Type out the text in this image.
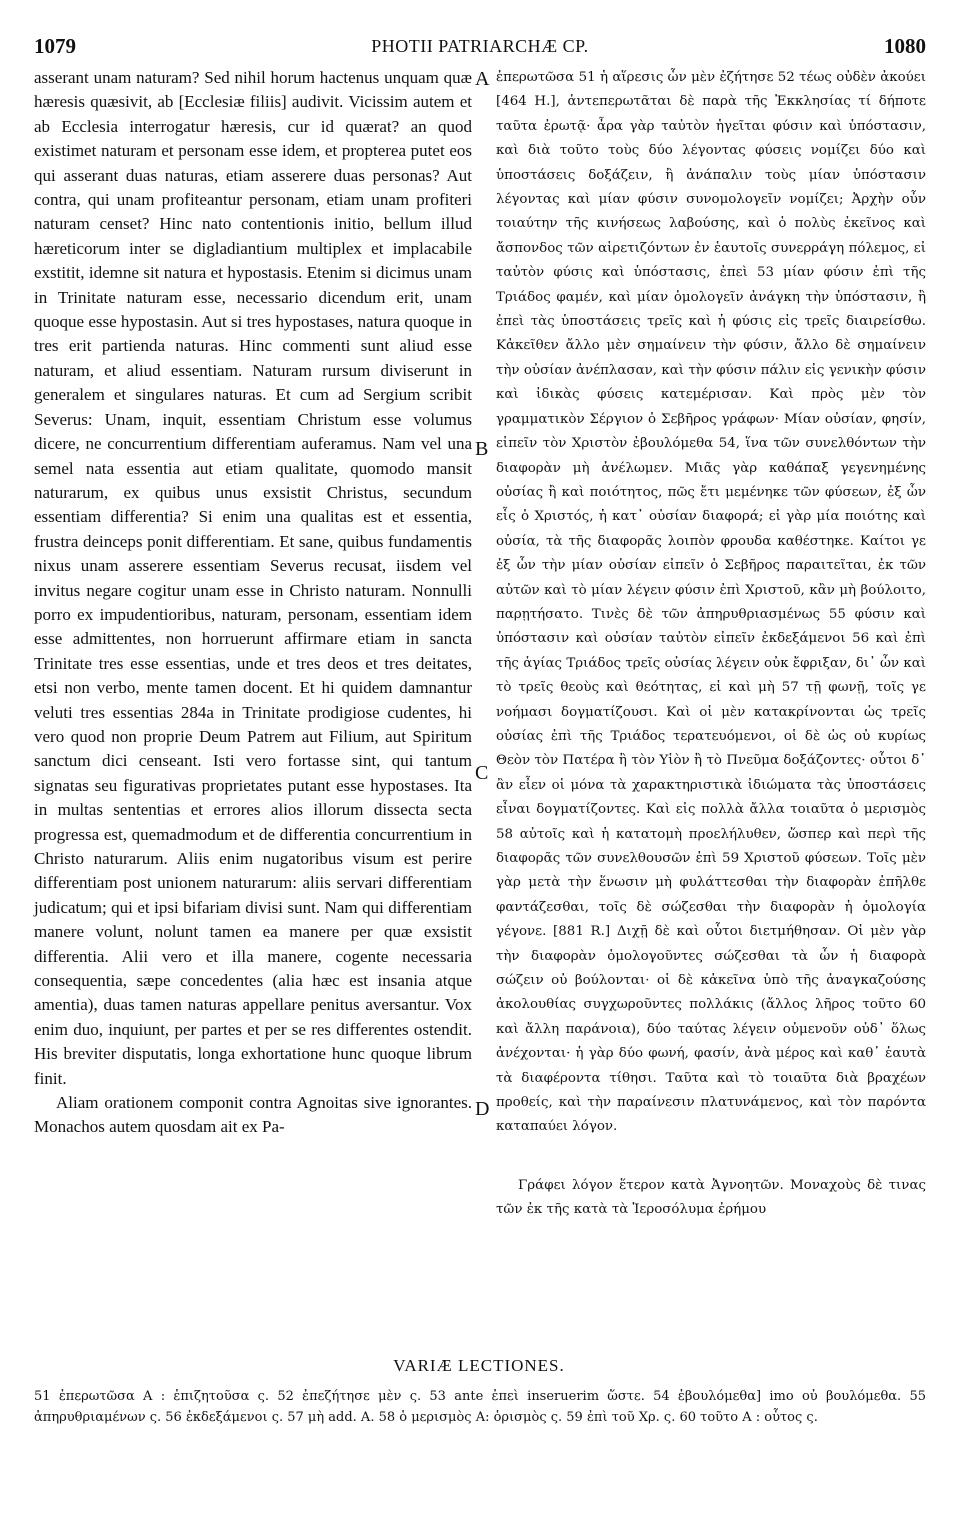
1079	PHOTII PATRIARCHÆ CP.	1080

asserant unam naturam? Sed nihil horum hactenus unquam quæ hæresis quæsivit, ab [Ecclesiæ filiis] audivit. Vicissim autem et ab Ecclesia interrogatur hæresis, cur id quærat? an quod existimet naturam et personam esse idem, et propterea putet eos qui asserant duas naturas, etiam asserere duas personas? Aut contra, qui unam profiteantur personam, etiam unam profiteri naturam censet? Hinc nato contentionis initio, bellum illud hæreticorum inter se digladiantium multiplex et implacabile exstitit, idemne sit natura et hypostasis. Etenim si dicimus unam in Trinitate naturam esse, necessario dicendum erit, unam quoque esse hypostasin. Aut si tres hypostases, natura quoque in tres erit partienda naturas. Hinc commenti sunt aliud esse naturam, et aliud essentiam. Naturam rursum diviserunt in generalem et singulares naturas. Et cum ad Sergium scribit Severus: Unam, inquit, essentiam Christum esse volumus dicere, ne concurrentium differentiam auferamus. Nam vel una semel nata essentia aut etiam qualitate, quomodo mansit naturarum, ex quibus unus exsistit Christus, secundum essentiam differentia? Si enim una qualitas est et essentia, frustra deinceps ponit differentiam. Et sane, quibus fundamentis nixus unam asserere essentiam Severus recusat, iisdem vel invitus negare cogitur unam esse in Christo naturam. Nonnulli porro ex impudentioribus, naturam, personam, essentiam idem esse admittentes, non horruerunt affirmare etiam in sancta Trinitate tres esse essentias, unde et tres deos et tres deitates, etsi non verbo, mente tamen docent. Et hi quidem damnantur veluti tres essentias 284a in Trinitate prodigiose cudentes, hi vero quod non proprie Deum Patrem aut Filium, aut Spiritum sanctum dici censeant. Isti vero fortasse sint, qui tantum signatas seu figurativas proprietates putant esse hypostases. Ita in multas sententias et errores alios illorum dissecta secta progressa est, quemadmodum et de differentia concurrentium in Christo naturarum. Aliis enim nugatoribus visum est perire differentiam post unionem naturarum: aliis servari differentiam judicatum; qui et ipsi bifariam divisi sunt. Nam qui differentiam manere volunt, nolunt tamen ea manere per quæ exsistit differentia. Alii vero et illa manere, cogente necessaria consequentia, sæpe concedentes (alia hæc est insania atque amentia), duas tamen naturas appellare penitus aversantur. Vox enim duo, inquiunt, per partes et per se res differentes ostendit. His breviter disputatis, longa exhortatione hunc quoque librum finit.

Aliam orationem componit contra Agnoitas sive ignorantes. Monachos autem quosdam ait ex Pa-

A
B
C
D

ἐπερωτῶσα 51 ἡ αἵρεσις ὧν μὲν ἐζήτησε 52 τέως οὐδὲν ἀκούει [464 H.], ἀντεπερωτᾶται δὲ παρὰ τῆς Ἐκκλησίας τί δήποτε ταῦτα ἐρωτᾷ· ἆρα γὰρ ταὐτὸν ἡγεῖται φύσιν καὶ ὑπόστασιν, καὶ διὰ τοῦτο τοὺς δύο λέγοντας φύσεις νομίζει δύο καὶ ὑποστάσεις δοξάζειν, ἢ ἀνάπαλιν τοὺς μίαν ὑπόστασιν λέγοντας καὶ μίαν φύσιν συνομολογεῖν νομίζει; Ἀρχὴν οὖν τοιαύτην τῆς κινήσεως λαβούσης, καὶ ὁ πολὺς ἐκεῖνος καὶ ἄσπονδος τῶν αἱρετιζόντων ἐν ἑαυτοῖς συνερράγη πόλεμος, εἰ ταὐτὸν φύσις καὶ ὑπόστασις, ἐπεὶ 53 μίαν φύσιν ἐπὶ τῆς Τριάδος φαμέν, καὶ μίαν ὁμολογεῖν ἀνάγκη τὴν ὑπόστασιν, ἢ ἐπεὶ τὰς ὑποστάσεις τρεῖς καὶ ἡ φύσις εἰς τρεῖς διαιρείσθω. Κἀκεῖθεν ἄλλο μὲν σημαίνειν τὴν φύσιν, ἄλλο δὲ σημαίνειν τὴν οὐσίαν ἀνέπλασαν, καὶ τὴν φύσιν πάλιν εἰς γενικὴν φύσιν καὶ ἰδικὰς φύσεις κατεμέρισαν. Καὶ πρὸς μὲν τὸν γραμματικὸν Σέργιον ὁ Σεβῆρος γράφων· Μίαν οὐσίαν, φησίν, εἰπεῖν τὸν Χριστὸν ἐβουλόμεθα 54, ἵνα τῶν συνελθόντων τὴν διαφορὰν μὴ ἀνέλωμεν. Μιᾶς γὰρ καθάπαξ γεγενημένης οὐσίας ἢ καὶ ποιότητος, πῶς ἔτι μεμένηκε τῶν φύσεων, ἐξ ὧν εἷς ὁ Χριστός, ἡ κατ᾽ οὐσίαν διαφορά; εἰ γὰρ μία ποιότης καὶ οὐσία, τὰ τῆς διαφορᾶς λοιπὸν φρουδα καθέστηκε. Καίτοι γε ἐξ ὧν τὴν μίαν οὐσίαν εἰπεῖν ὁ Σεβῆρος παραιτεῖται, ἐκ τῶν αὐτῶν καὶ τὸ μίαν λέγειν φύσιν ἐπὶ Χριστοῦ, κἂν μὴ βούλοιτο, παρῃτήσατο. Τινὲς δὲ τῶν ἀπηρυθριασμένως 55 φύσιν καὶ ὑπόστασιν καὶ οὐσίαν ταὐτὸν εἰπεῖν ἐκδεξάμενοι 56 καὶ ἐπὶ τῆς ἁγίας Τριάδος τρεῖς οὐσίας λέγειν οὐκ ἔφριξαν, δι᾽ ὧν καὶ τὸ τρεῖς θεοὺς καὶ θεότητας, εἰ καὶ μὴ 57 τῇ φωνῇ, τοῖς γε νοήμασι δογματίζουσι. Καὶ οἱ μὲν κατακρίνονται ὡς τρεῖς οὐσίας ἐπὶ τῆς Τριάδος τερατευόμενοι, οἱ δὲ ὡς οὐ κυρίως Θεὸν τὸν Πατέρα ἢ τὸν Υἱὸν ἢ τὸ Πνεῦμα δοξάζοντες· οὗτοι δ᾽ ἂν εἶεν οἱ μόνα τὰ χαρακτηριστικὰ ἰδιώματα τὰς ὑποστάσεις εἶναι δογματίζοντες. Καὶ εἰς πολλὰ ἄλλα τοιαῦτα ὁ μερισμὸς 58 αὐτοῖς καὶ ἡ κατατομὴ προελήλυθεν, ὥσπερ καὶ περὶ τῆς διαφορᾶς τῶν συνελθουσῶν ἐπὶ 59 Χριστοῦ φύσεων. Τοῖς μὲν γὰρ μετὰ τὴν ἕνωσιν μὴ φυλάττεσθαι τὴν διαφορὰν ἐπῆλθε φαντάζεσθαι, τοῖς δὲ σώζεσθαι τὴν διαφορὰν ἡ ὁμολογία γέγονε. [881 R.] Διχῇ δὲ καὶ οὗτοι διετμήθησαν. Οἱ μὲν γὰρ τὴν διαφορὰν ὁμολογοῦντες σώζεσθαι τὰ ὧν ἡ διαφορὰ σώζειν οὐ βούλονται· οἱ δὲ κἀκεῖνα ὑπὸ τῆς ἀναγκαζούσης ἀκολουθίας συγχωροῦντες πολλάκις (ἄλλος λῆρος τοῦτο 60 καὶ ἄλλη παράνοια), δύο ταύτας λέγειν οὐμενοῦν οὐδ᾽ ὅλως ἀνέχονται· ἡ γὰρ δύο φωνή, φασίν, ἀνὰ μέρος καὶ καθ᾽ ἑαυτὰ τὰ διαφέροντα τίθησι. Ταῦτα καὶ τὸ τοιαῦτα διὰ βραχέων προθείς, καὶ τὴν παραίνεσιν πλατυνάμενος, καὶ τὸν παρόντα καταπαύει λόγον.

Γράφει λόγον ἕτερον κατὰ Ἀγνοητῶν. Μοναχοὺς δὲ τινας τῶν ἐκ τῆς κατὰ τὰ Ἱεροσόλυμα ἐρήμου

VARIÆ LECTIONES.
51 ἐπερωτῶσα A : ἐπιζητοῦσα ς. 52 ἐπεζήτησε μὲν ς. 53 ante ἐπεὶ inseruerim ὥστε. 54 ἐβουλόμεθα] imo οὐ βουλόμεθα. 55 ἀπηρυθριαμένων ς. 56 ἐκδεξάμενοι ς. 57 μὴ add. A. 58 ὁ μερισμὸς A: ὁρισμὸς ς. 59 ἐπὶ τοῦ Χρ. ς. 60 τοῦτο A : οὗτος ς.
